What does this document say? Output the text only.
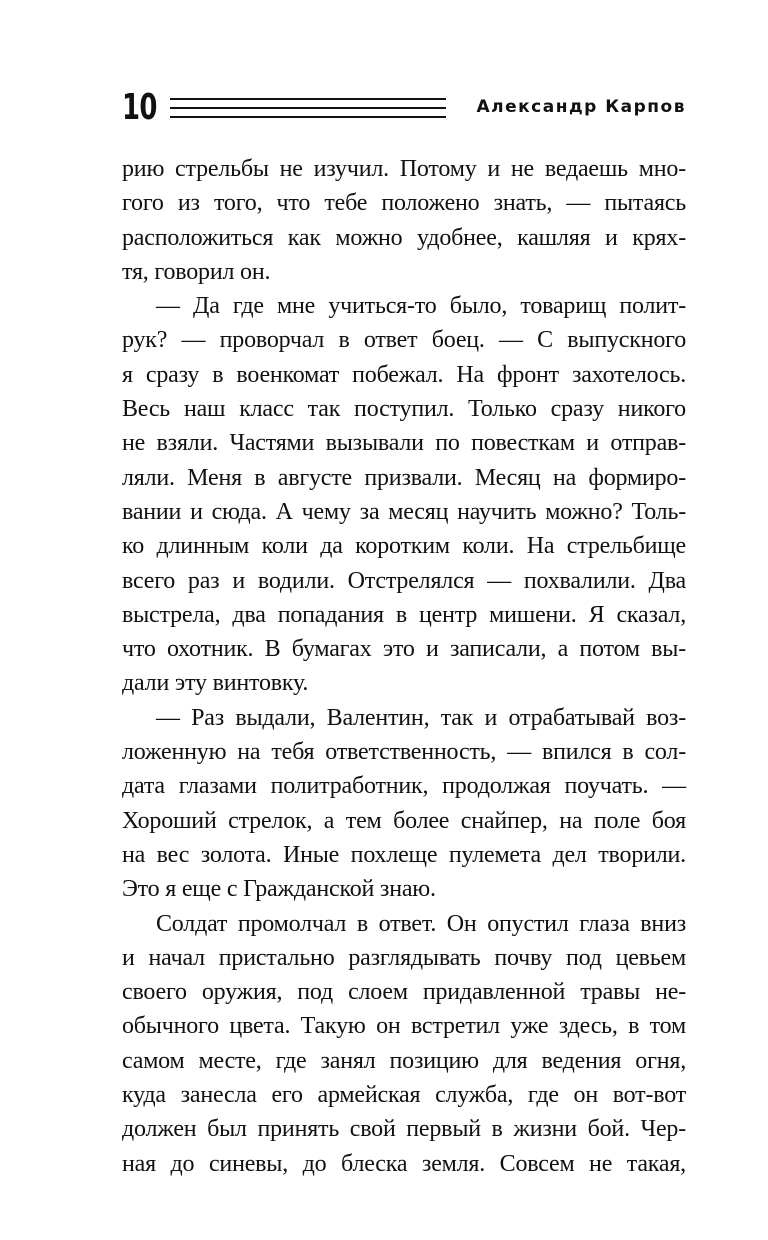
10	Александр Карпов
рию стрельбы не изучил. Потому и не ведаешь мно-
гого из того, что тебе положено знать, — пытаясь
расположиться как можно удобнее, кашляя и крях-
тя, говорил он.
— Да где мне учиться-то было, товарищ полит-
рук? — проворчал в ответ боец. — С выпускного
я сразу в военкомат побежал. На фронт захотелось.
Весь наш класс так поступил. Только сразу никого
не взяли. Частями вызывали по повесткам и отправ-
ляли. Меня в августе призвали. Месяц на формиро-
вании и сюда. А чему за месяц научить можно? Толь-
ко длинным коли да коротким коли. На стрельбище
всего раз и водили. Отстрелялся — похвалили. Два
выстрела, два попадания в центр мишени. Я сказал,
что охотник. В бумагах это и записали, а потом вы-
дали эту винтовку.
— Раз выдали, Валентин, так и отрабатывай воз-
ложенную на тебя ответственность, — впился в сол-
дата глазами политработник, продолжая поучать. —
Хороший стрелок, а тем более снайпер, на поле боя
на вес золота. Иные похлеще пулемета дел творили.
Это я еще с Гражданской знаю.
Солдат промолчал в ответ. Он опустил глаза вниз
и начал пристально разглядывать почву под цевьем
своего оружия, под слоем придавленной травы не-
обычного цвета. Такую он встретил уже здесь, в том
самом месте, где занял позицию для ведения огня,
куда занесла его армейская служба, где он вот-вот
должен был принять свой первый в жизни бой. Чер-
ная до синевы, до блеска земля. Совсем не такая,
